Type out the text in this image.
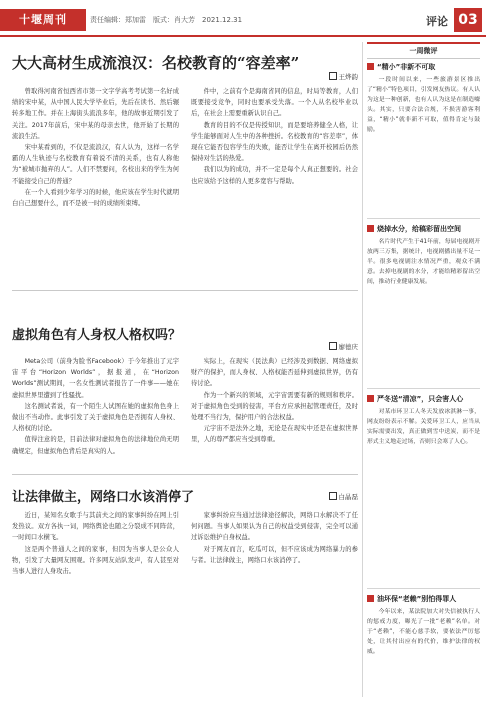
十堰周刊	责任编辑：郑加雷　版式：肖大芳　2021.12.31	评论 03
大大高材生成流浪汉：名校教育的“容差率”
王烨韵

曾取得河南省恒西省市第一文字学高考考试第一名好成绩的宋中某，从中国人民大学毕业后，先后在读书、然后辗转多地工作。并在上海街头流浪多年，他的故事近期引发了关注。2017年前后，宋中某的母亲去世，他开始了长期的流浪生活。

宋中某看到的，不仅是流浪汉，有人认为，这样一名学霸的人生轨迹与名校教育有着说不清的关系，也有人称他为“被城市抛弃的人”。人们不禁要问，名校出来的学生为何不能接受自己的普通？

在一个人看到少年学习的时候，他应该在学生时代就明白自己想要什么，而不是被一时的成绩所束缚。

件中，之前有个是海南省同的信息，时局等教育，人们既要接受竞争，同时也要承受失落。一个人从名校毕业以后，在社会上需要重新认识自己。

教育的目的不仅是传授知识，而是要培养健全人格，让学生能够面对人生中的各种挫折。名校教育的“容差率”，体现在它能否包容学生的失败，能否让学生在离开校园后仍然保持对生活的热爱。

我们以为的成功，并不一定是每个人真正想要的。社会也应该给予这样的人更多宽容与帮助。

虚拟角色有人身权人格权吗？
廖德庆

Meta公司（前身为脸书Facebook）于今年推出了元宇宙平台“Horizon Worlds”，据报道，在“Horizon Worlds”测试期间，一名女性测试者报告了一件事——她在虚拟世界里遭到了性骚扰。

这名测试者说，有一个陌生人试图在她的虚拟角色身上做出不当动作。此事引发了关于虚拟角色是否拥有人身权、人格权的讨论。

值得注意的是，目前法律对虚拟角色的法律地位尚无明确规定，但虚拟角色背后是真实的人。

实际上，在现实（民法典）已经涉及到数据、网络虚拟财产的保护，而人身权、人格权能否延伸到虚拟世界，仍有待讨论。

作为一个新兴的领域，元宇宙需要有新的规则和秩序。对于虚拟角色受到的侵害，平台方应承担起管理责任，及时处理不当行为，保护用户的合法权益。

元宇宙不是法外之地，无论是在现实中还是在虚拟世界里，人的尊严都应当受到尊重。

让法律做主，网络口水该消停了	白晶磊

近日，某知名女歌手与其前夫之间的家事纠纷在网上引发热议。双方各执一词，网络舆论也随之分裂成不同阵营，一时间口水横飞。

这是两个普通人之间的家事，但因为当事人是公众人物，引发了大量网友围观。许多网友站队发声，有人甚至对当事人进行人身攻击。

家事纠纷应当通过法律途径解决，网络口水解决不了任何问题。当事人如果认为自己的权益受到侵害，完全可以通过诉讼维护自身权益。

对于网友而言，吃瓜可以，但不应该成为网络暴力的参与者。让法律做主，网络口水该消停了。

一周微评
“精小”非新不可取
一段时间以来，一些旅游景区推出了“精小”特色项目，引发网友热议。有人认为这是一种创新，也有人认为这是在制造噱头。其实，只要合法合规，不损害游客利益，“精小”就非新不可取，值得肯定与鼓励。
烧掉水分，给稿彩留出空间
名片时代产生于41年前，每届电视剧开放两三万集，据统计，电视剧播出量不足一半。很多电视剧注水情况严重，观众不满意。去掉电视剧的水分，才能给精彩留出空间，推动行业健康发展。
严冬送“清凉”，只会害人心
对某市环卫工人冬天发放冰淇淋一事，网友纷纷表示不解。关爱环卫工人，应当从实际需要出发，真正做到雪中送炭，而不是形式主义地走过场，否则只会寒了人心。
油坏保“老赖”别怕得罪人
今年以来，某法院加大对失信被执行人的惩戒力度，曝光了一批“老赖”名单。对于“老赖”，不能心慈手软，要依法严厉惩处，让其付出应有的代价，维护法律的权威。
